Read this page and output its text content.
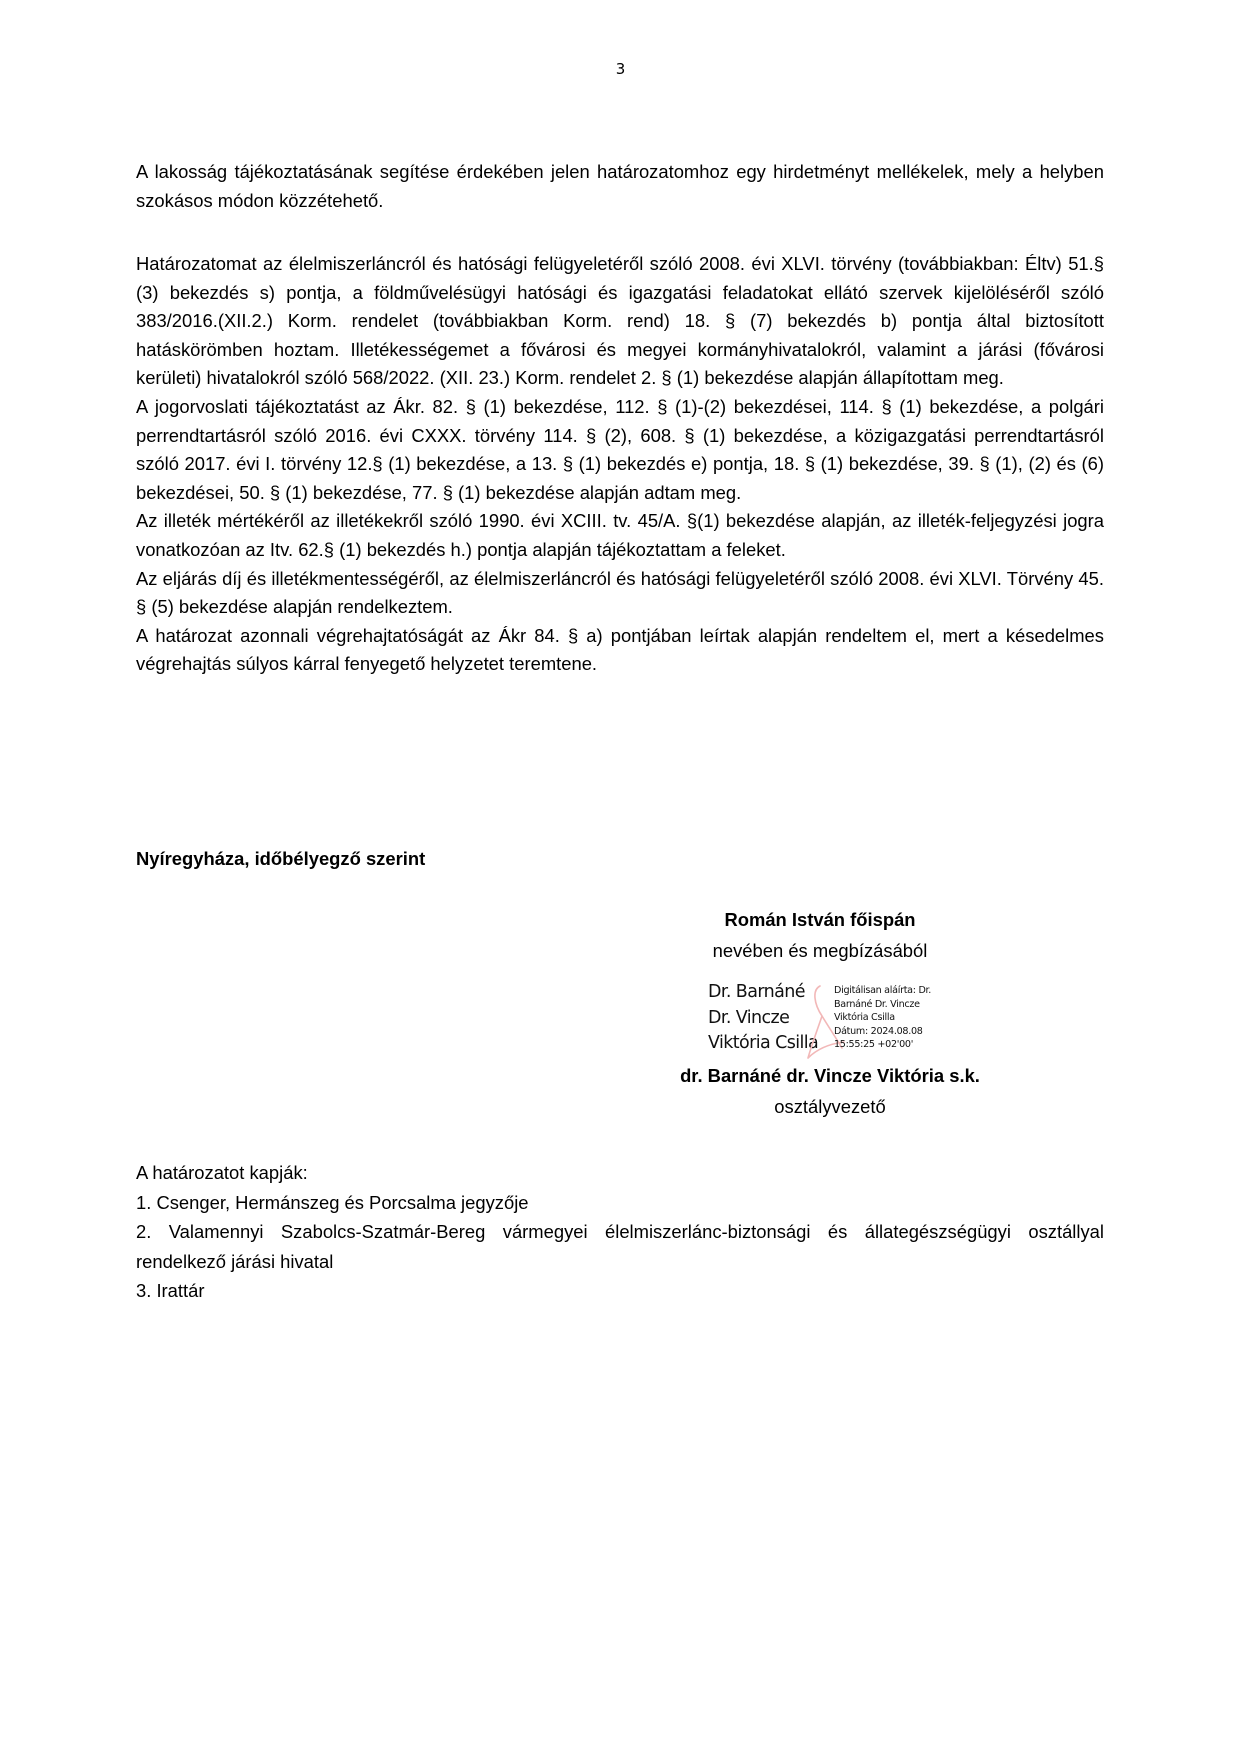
3

A lakosság tájékoztatásának segítése érdekében jelen határozatomhoz egy hirdetményt mellékelek, mely a helyben szokásos módon közzétehető.

Határozatomat az élelmiszerláncról és hatósági felügyeletéről szóló 2008. évi XLVI. törvény (továbbiakban: Éltv) 51.§ (3) bekezdés s) pontja, a földművelésügyi hatósági és igazgatási feladatokat ellátó szervek kijelöléséről szóló 383/2016.(XII.2.) Korm. rendelet (továbbiakban Korm. rend) 18. § (7) bekezdés b) pontja által biztosított hatáskörömben hoztam. Illetékességemet a fővárosi és megyei kormányhivatalokról, valamint a járási (fővárosi kerületi) hivatalokról szóló 568/2022. (XII. 23.) Korm. rendelet 2. § (1) bekezdése alapján állapítottam meg.

A jogorvoslati tájékoztatást az Ákr. 82. § (1) bekezdése, 112. § (1)-(2) bekezdései, 114. § (1) bekezdése, a polgári perrendtartásról szóló 2016. évi CXXX. törvény 114. § (2), 608. § (1) bekezdése, a közigazgatási perrendtartásról szóló 2017. évi I. törvény 12.§ (1) bekezdése, a 13. § (1) bekezdés e) pontja, 18. § (1) bekezdése, 39. § (1), (2) és (6) bekezdései, 50. § (1) bekezdése, 77. § (1) bekezdése alapján adtam meg.

Az illeték mértékéről az illetékekről szóló 1990. évi XCIII. tv. 45/A. §(1) bekezdése alapján, az illeték-feljegyzési jogra vonatkozóan az Itv. 62.§ (1) bekezdés h.) pontja alapján tájékoztattam a feleket.

Az eljárás díj és illetékmentességéről, az élelmiszerláncról és hatósági felügyeletéről szóló 2008. évi XLVI. Törvény 45. § (5) bekezdése alapján rendelkeztem.

A határozat azonnali végrehajtatóságát az Ákr 84. § a) pontjában leírtak alapján rendeltem el, mert a késedelmes végrehajtás súlyos kárral fenyegető helyzetet teremtene.

Nyíregyháza, időbélyegző szerint
Román István főispán
nevében és megbízásából
Dr. Barnáné
Dr. Vincze
Viktória Csilla
Digitálisan aláírta: Dr.
Barnáné Dr. Vincze
Viktória Csilla
Dátum: 2024.08.08
15:55:25 +02'00'
dr. Barnáné dr. Vincze Viktória s.k.
osztályvezető

A határozatot kapják:

1. Csenger, Hermánszeg és Porcsalma jegyzője

2. Valamennyi Szabolcs-Szatmár-Bereg vármegyei élelmiszerlánc-biztonsági és állategészségügyi osztállyal rendelkező járási hivatal

3. Irattár
